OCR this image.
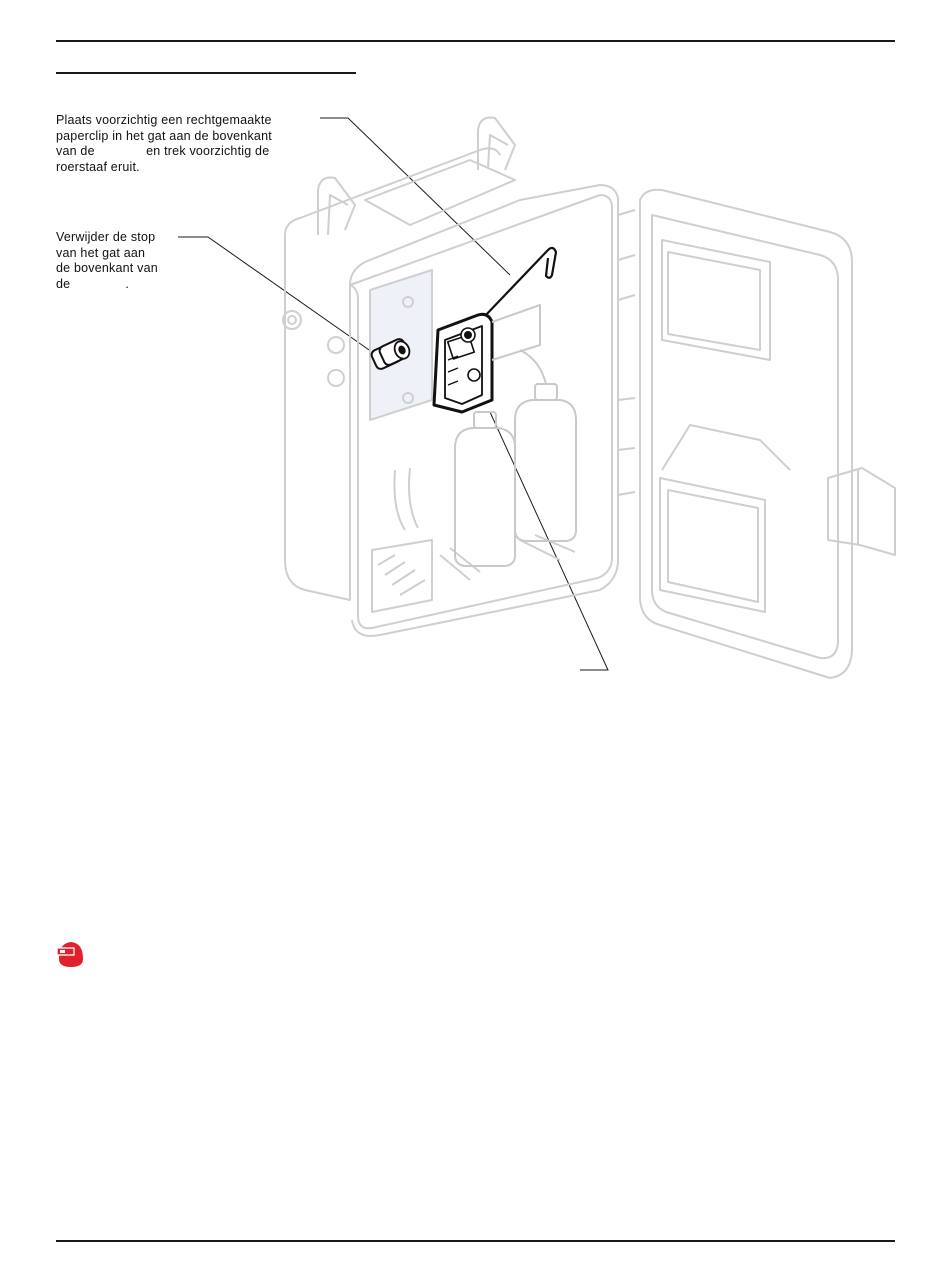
Plaats voorzichtig een rechtgemaakte
paperclip in het gat aan de bovenkant
van de              en trek voorzichtig de
roerstaaf eruit.

Verwijder de stop
van het gat aan
de bovenkant van
de               .
